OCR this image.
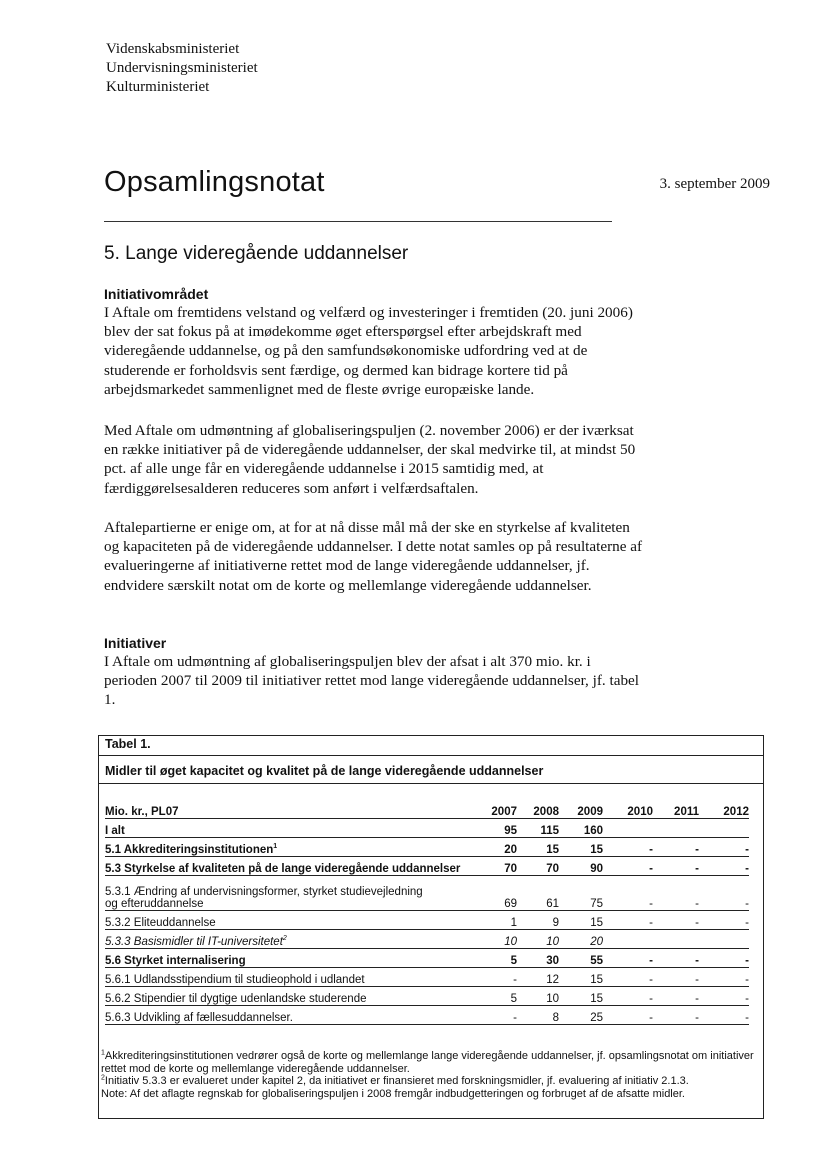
Videnskabsministeriet
Undervisningsministeriet
Kulturministeriet
Opsamlingsnotat	3. september 2009
5. Lange videregående uddannelser

Initiativområdet

I Aftale om fremtidens velstand og velfærd og investeringer i fremtiden (20. juni 2006) blev der sat fokus på at imødekomme øget efterspørgsel efter arbejdskraft med videregående uddannelse, og på den samfundsøkonomiske udfordring ved at de studerende er forholdsvis sent færdige, og dermed kan bidrage kortere tid på arbejdsmarkedet sammenlignet med de fleste øvrige europæiske lande.

Med Aftale om udmøntning af globaliseringspuljen (2. november 2006) er der iværksat en række initiativer på de videregående uddannelser, der skal medvirke til, at mindst 50 pct. af alle unge får en videregående uddannelse i 2015 samtidig med, at færdiggørelsesalderen reduceres som anført i velfærdsaftalen.

Aftalepartierne er enige om, at for at nå disse mål må der ske en styrkelse af kvaliteten og kapaciteten på de videregående uddannelser. I dette notat samles op på resultaterne af evalueringerne af initiativerne rettet mod de lange videregående uddannelser, jf. endvidere særskilt notat om de korte og mellemlange videregående uddannelser.

Initiativer

I Aftale om udmøntning af globaliseringspuljen blev der afsat i alt 370 mio. kr. i perioden 2007 til 2009 til initiativer rettet mod lange videregående uddannelser, jf. tabel 1.

Tabel 1.
Midler til øget kapacitet og kvalitet på de lange videregående uddannelser
Mio. kr., PL07	2007	2008	2009	2010	2011	2012
I alt	95	115	160			
5.1 Akkrediteringsinstitutionen$^1$	20	15	15	-	-	-
5.3 Styrkelse af kvaliteten på de lange videregående uddannelser	70	70	90	-	-	-
5.3.1 Ændring af undervisningsformer, styrket studievejledning
og efteruddannelse	69	61	75	-	-	-
5.3.2 Eliteuddannelse	1	9	15	-	-	-
5.3.3 Basismidler til IT-universitetet$^2$	10	10	20			
5.6 Styrket internalisering	5	30	55	-	-	-
5.6.1 Udlandsstipendium til studieophold i udlandet	-	12	15	-	-	-
5.6.2 Stipendier til dygtige udenlandske studerende	5	10	15	-	-	-
5.6.3 Udvikling af fællesuddannelser.	-	8	25	-	-	-
$^1$Akkrediteringsinstitutionen vedrører også de korte og mellemlange lange videregående uddannelser, jf. opsamlingsnotat om initiativer rettet mod de korte og mellemlange videregående uddannelser.
$^2$Initiativ 5.3.3 er evalueret under kapitel 2, da initiativet er finansieret med forskningsmidler, jf. evaluering af initiativ 2.1.3.
Note: Af det aflagte regnskab for globaliseringspuljen i 2008 fremgår indbudgetteringen og forbruget af de afsatte midler.
